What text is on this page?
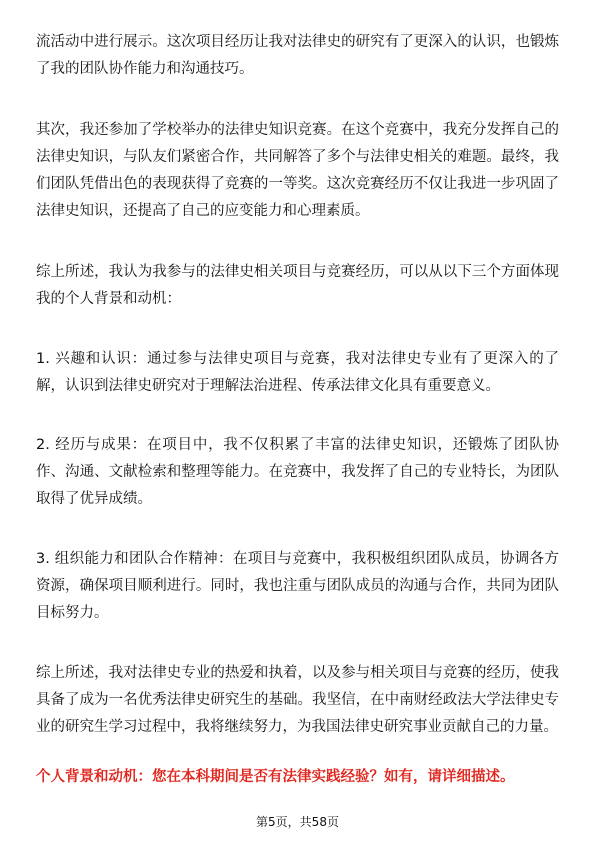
流活动中进行展示。这次项目经历让我对法律史的研究有了更深入的认识，也锻炼了我的团队协作能力和沟通技巧。

其次，我还参加了学校举办的法律史知识竞赛。在这个竞赛中，我充分发挥自己的法律史知识，与队友们紧密合作，共同解答了多个与法律史相关的难题。最终，我们团队凭借出色的表现获得了竞赛的一等奖。这次竞赛经历不仅让我进一步巩固了法律史知识，还提高了自己的应变能力和心理素质。

综上所述，我认为我参与的法律史相关项目与竞赛经历，可以从以下三个方面体现我的个人背景和动机：

1. 兴趣和认识：通过参与法律史项目与竞赛，我对法律史专业有了更深入的了解，认识到法律史研究对于理解法治进程、传承法律文化具有重要意义。

2. 经历与成果：在项目中，我不仅积累了丰富的法律史知识，还锻炼了团队协作、沟通、文献检索和整理等能力。在竞赛中，我发挥了自己的专业特长，为团队取得了优异成绩。

3. 组织能力和团队合作精神：在项目与竞赛中，我积极组织团队成员，协调各方资源，确保项目顺利进行。同时，我也注重与团队成员的沟通与合作，共同为团队目标努力。

综上所述，我对法律史专业的热爱和执着，以及参与相关项目与竞赛的经历，使我具备了成为一名优秀法律史研究生的基础。我坚信，在中南财经政法大学法律史专业的研究生学习过程中，我将继续努力，为我国法律史研究事业贡献自己的力量。

个人背景和动机：您在本科期间是否有法律实践经验？如有，请详细描述。

第5页，共58页
